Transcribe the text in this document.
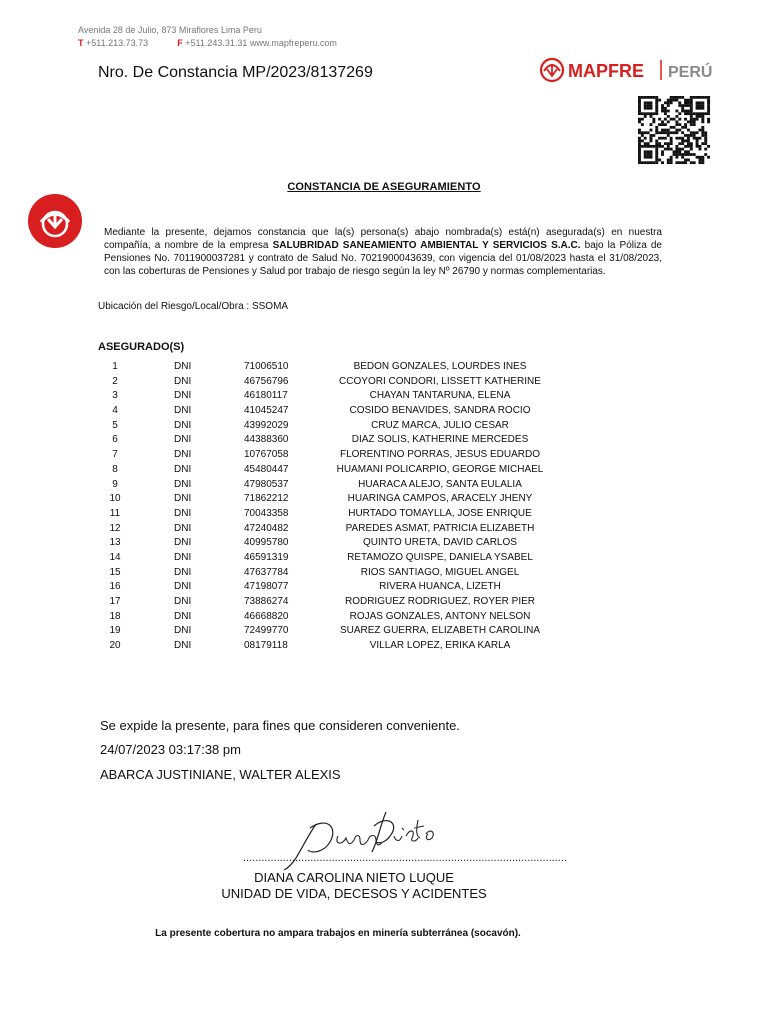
Avenida 28 de Julio, 873 Miraflores Lima Peru
T +511.213.73.73	F +511.243.31.31 www.mapfreperu.com
Nro. De Constancia MP/2023/8137269	MAPFRE PERÚ
CONSTANCIA DE ASEGURAMIENTO
Mediante la presente, dejamos constancia que la(s) persona(s) abajo nombrada(s) está(n) asegurada(s) en nuestra compañía, a nombre de la empresa SALUBRIDAD SANEAMIENTO AMBIENTAL Y SERVICIOS S.A.C. bajo la Póliza de Pensiones No. 7011900037281 y contrato de Salud No. 7021900043639, con vigencia del 01/08/2023 hasta el 31/08/2023, con las coberturas de Pensiones y Salud por trabajo de riesgo según la ley Nº 26790 y normas complementarias.
Ubicación del Riesgo/Local/Obra : SSOMA
ASEGURADO(S)
1	DNI	71006510	BEDON GONZALES, LOURDES INES
2	DNI	46756796	CCOYORI CONDORI, LISSETT KATHERINE
3	DNI	46180117	CHAYAN TANTARUNA, ELENA
4	DNI	41045247	COSIDO BENAVIDES, SANDRA ROCIO
5	DNI	43992029	CRUZ MARCA, JULIO CESAR
6	DNI	44388360	DIAZ SOLIS, KATHERINE MERCEDES
7	DNI	10767058	FLORENTINO PORRAS, JESUS EDUARDO
8	DNI	45480447	HUAMANI POLICARPIO, GEORGE MICHAEL
9	DNI	47980537	HUARACA ALEJO, SANTA EULALIA
10	DNI	71862212	HUARINGA CAMPOS, ARACELY JHENY
11	DNI	70043358	HURTADO TOMAYLLA, JOSE ENRIQUE
12	DNI	47240482	PAREDES ASMAT, PATRICIA ELIZABETH
13	DNI	40995780	QUINTO URETA, DAVID CARLOS
14	DNI	46591319	RETAMOZO QUISPE, DANIELA YSABEL
15	DNI	47637784	RIOS SANTIAGO, MIGUEL ANGEL
16	DNI	47198077	RIVERA HUANCA, LIZETH
17	DNI	73886274	RODRIGUEZ RODRIGUEZ, ROYER PIER
18	DNI	46668820	ROJAS GONZALES, ANTONY NELSON
19	DNI	72499770	SUAREZ GUERRA, ELIZABETH CAROLINA
20	DNI	08179118	VILLAR LOPEZ, ERIKA KARLA
Se expide la presente, para fines que consideren conveniente.
24/07/2023 03:17:38 pm
ABARCA JUSTINIANE, WALTER ALEXIS
..........................................................................................................
DIANA CAROLINA NIETO LUQUE
UNIDAD DE VIDA, DECESOS Y ACIDENTES
La presente cobertura no ampara trabajos en minería subterránea (socavón).
